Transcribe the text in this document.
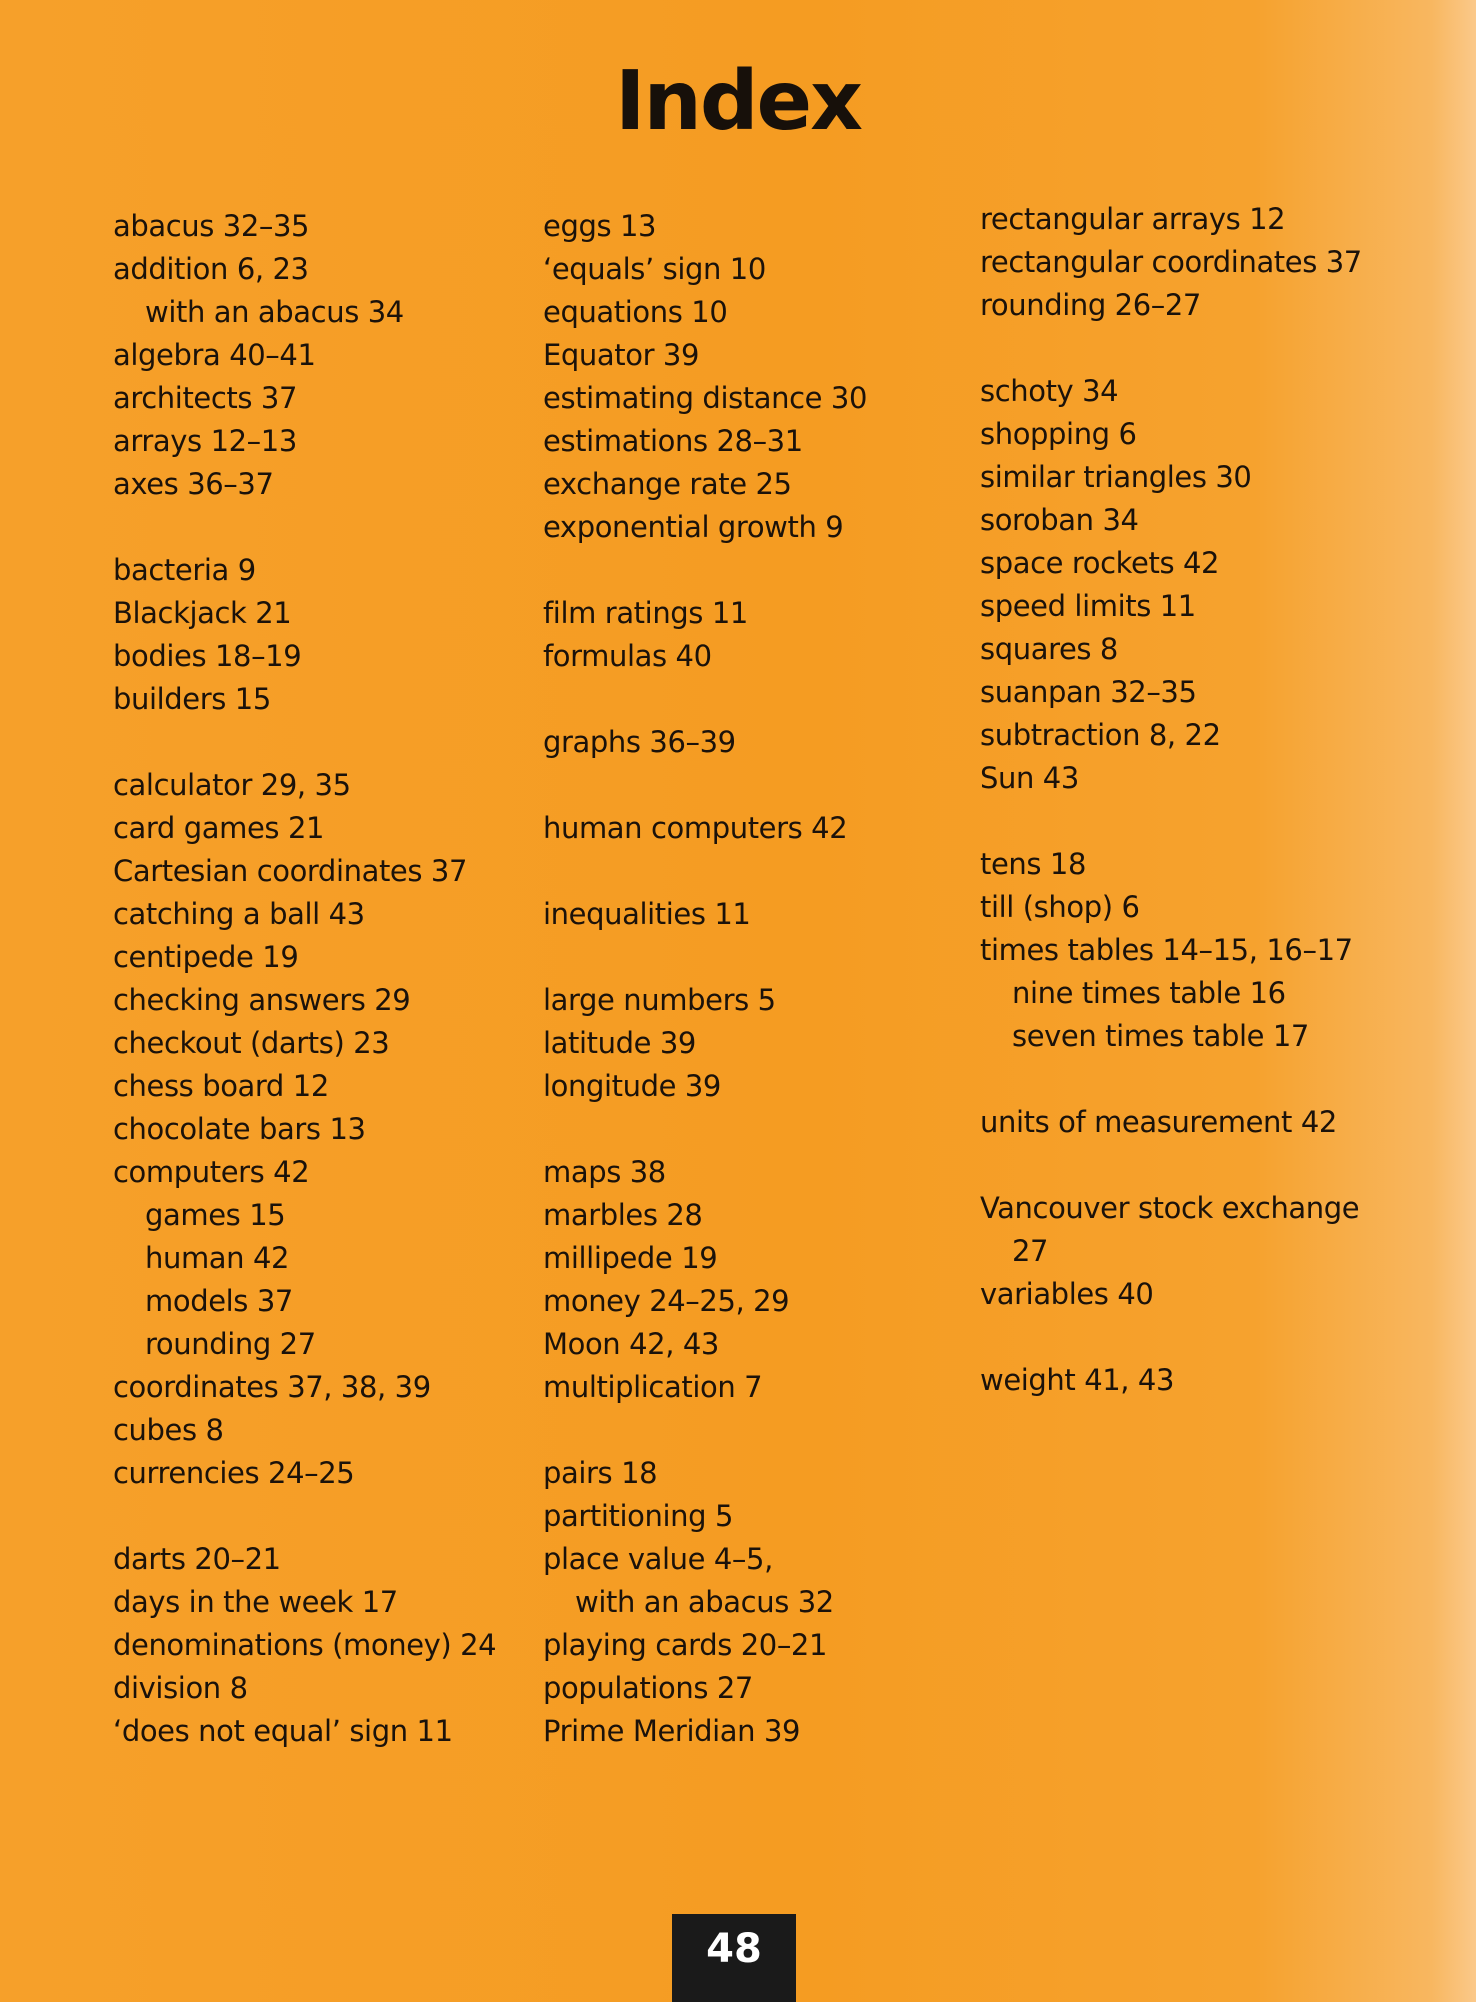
Index
abacus 32–35
addition 6, 23
with an abacus 34
algebra 40–41
architects 37
arrays 12–13
axes 36–37
bacteria 9
Blackjack 21
bodies 18–19
builders 15
calculator 29, 35
card games 21
Cartesian coordinates 37
catching a ball 43
centipede 19
checking answers 29
checkout (darts) 23
chess board 12
chocolate bars 13
computers 42
games 15
human 42
models 37
rounding 27
coordinates 37, 38, 39
cubes 8
currencies 24–25
darts 20–21
days in the week 17
denominations (money) 24
division 8
‘does not equal’ sign 11
eggs 13
‘equals’ sign 10
equations 10
Equator 39
estimating distance 30
estimations 28–31
exchange rate 25
exponential growth 9
film ratings 11
formulas 40
graphs 36–39
human computers 42
inequalities 11
large numbers 5
latitude 39
longitude 39
maps 38
marbles 28
millipede 19
money 24–25, 29
Moon 42, 43
multiplication 7
pairs 18
partitioning 5
place value 4–5,
with an abacus 32
playing cards 20–21
populations 27
Prime Meridian 39
rectangular arrays 12
rectangular coordinates 37
rounding 26–27
schoty 34
shopping 6
similar triangles 30
soroban 34
space rockets 42
speed limits 11
squares 8
suanpan 32–35
subtraction 8, 22
Sun 43
tens 18
till (shop) 6
times tables 14–15, 16–17
nine times table 16
seven times table 17
units of measurement 42
Vancouver stock exchange
27
variables 40
weight 41, 43
48
